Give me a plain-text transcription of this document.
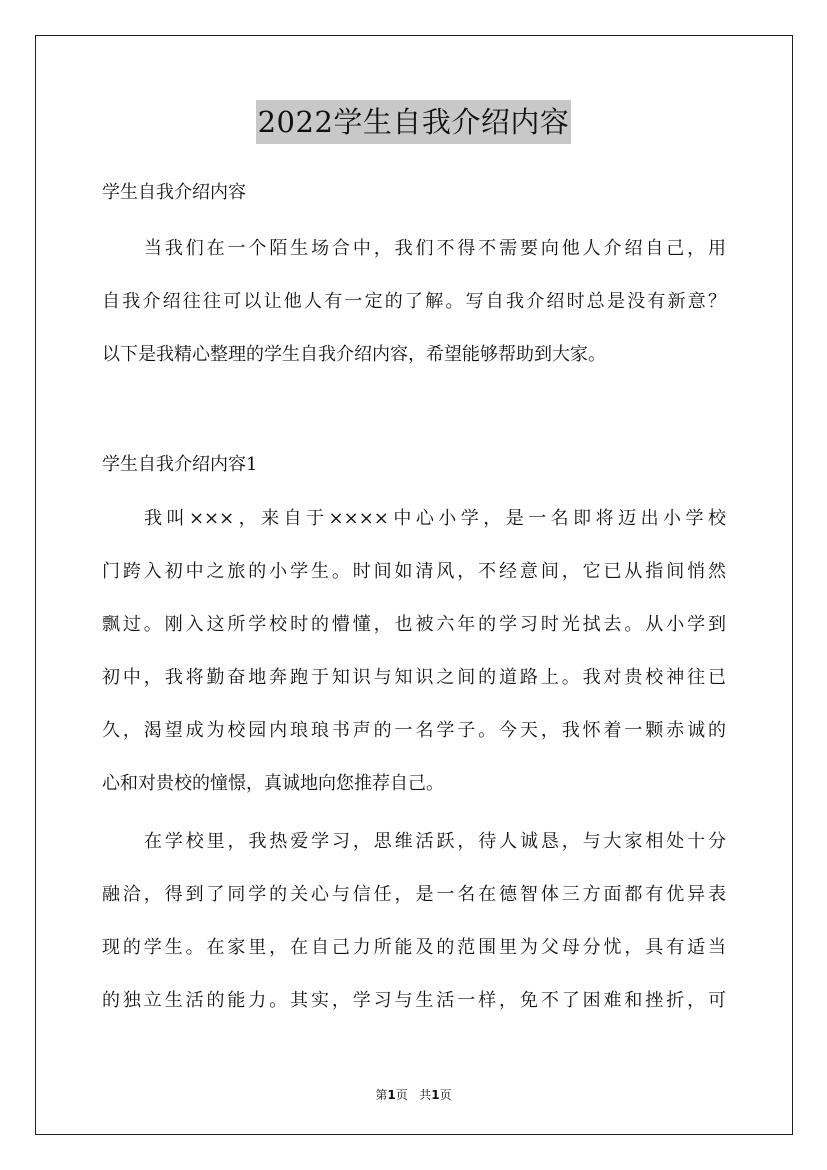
2022学生自我介绍内容
学生自我介绍内容

当我们在一个陌生场合中，我们不得不需要向他人介绍自己，用
自我介绍往往可以让他人有一定的了解。写自我介绍时总是没有新意？
以下是我精心整理的学生自我介绍内容，希望能够帮助到大家。

学生自我介绍内容1

我叫×××，来自于××××中心小学，是一名即将迈出小学校
门跨入初中之旅的小学生。时间如清风，不经意间，它已从指间悄然
飘过。刚入这所学校时的懵懂，也被六年的学习时光拭去。从小学到
初中，我将勤奋地奔跑于知识与知识之间的道路上。我对贵校神往已
久，渴望成为校园内琅琅书声的一名学子。今天，我怀着一颗赤诚的
心和对贵校的憧憬，真诚地向您推荐自己。

在学校里，我热爱学习，思维活跃，待人诚恳，与大家相处十分
融洽，得到了同学的关心与信任，是一名在德智体三方面都有优异表
现的学生。在家里，在自己力所能及的范围里为父母分忧，具有适当
的独立生活的能力。其实，学习与生活一样，免不了困难和挫折，可

第1页 共1页
